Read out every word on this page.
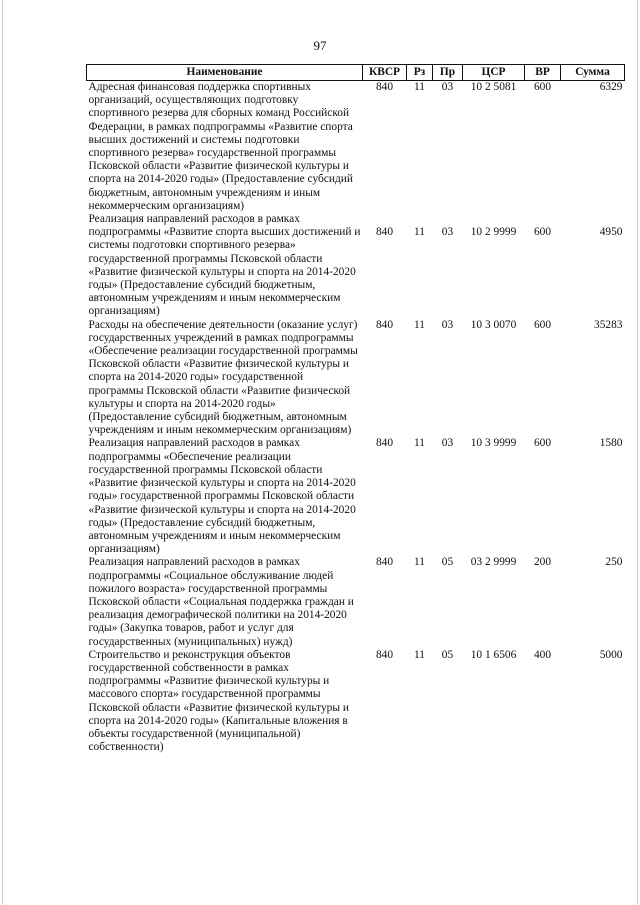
97
Наименование	КВСР	Рз	Пр	ЦСР	ВР	Сумма
Адресная финансовая поддержка спортивных организаций, осуществляющих подготовку спортивного резерва для сборных команд Российской Федерации, в рамках подпрограммы «Развитие спорта высших достижений и системы подготовки спортивного резерва» государственной программы Псковской области «Развитие физической культуры и спорта на 2014-2020 годы» (Предоставление субсидий бюджетным, автономным учреждениям и иным некоммерческим организациям)	840	11	03	10 2 5081	600	6329
Реализация направлений расходов в рамках подпрограммы «Развитие спорта высших достижений и системы подготовки спортивного резерва» государственной программы Псковской области «Развитие физической культуры и спорта на 2014-2020 годы» (Предоставление субсидий бюджетным, автономным учреждениям и иным некоммерческим организациям)	840	11	03	10 2 9999	600	4950
Расходы на обеспечение деятельности (оказание услуг) государственных учреждений в рамках подпрограммы «Обеспечение реализации государственной программы Псковской области «Развитие физической культуры и спорта на 2014-2020 годы» государственной программы Псковской области «Развитие физической культуры и спорта на 2014-2020 годы» (Предоставление субсидий бюджетным, автономным учреждениям и иным некоммерческим организациям)	840	11	03	10 3 0070	600	35283
Реализация направлений расходов в рамках подпрограммы «Обеспечение реализации государственной программы Псковской области «Развитие физической культуры и спорта на 2014-2020 годы» государственной программы Псковской области «Развитие физической культуры и спорта на 2014-2020 годы» (Предоставление субсидий бюджетным, автономным учреждениям и иным некоммерческим организациям)	840	11	03	10 3 9999	600	1580
Реализация направлений расходов в рамках подпрограммы «Социальное обслуживание людей пожилого возраста» государственной программы Псковской области «Социальная поддержка граждан и реализация демографической политики на 2014-2020 годы» (Закупка товаров, работ и услуг для государственных (муниципальных) нужд)	840	11	05	03 2 9999	200	250
Строительство и реконструкция объектов государственной собственности в рамках подпрограммы «Развитие физической культуры и массового спорта» государственной программы Псковской области «Развитие физической культуры и спорта на 2014-2020 годы» (Капитальные вложения в объекты государственной (муниципальной) собственности)	840	11	05	10 1 6506	400	5000
